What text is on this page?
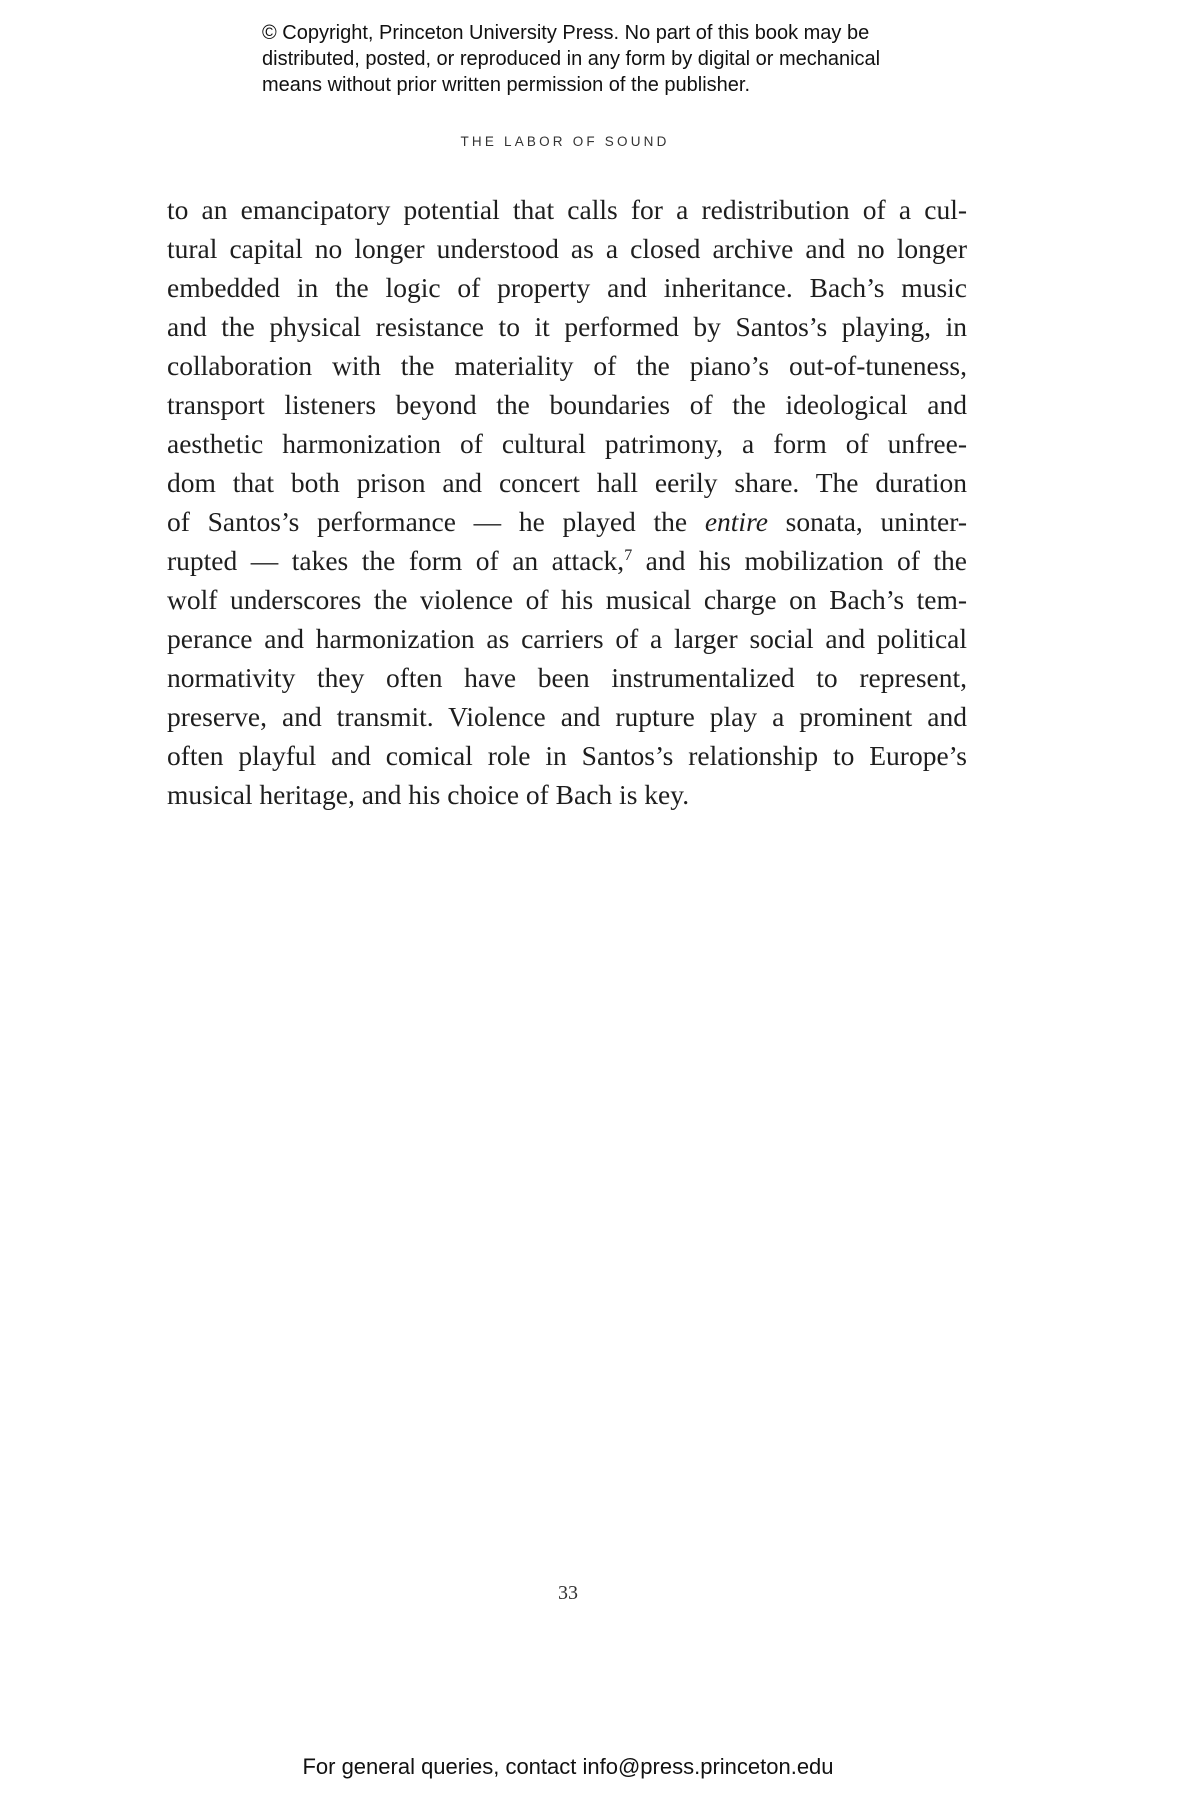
© Copyright, Princeton University Press. No part of this book may be
distributed, posted, or reproduced in any form by digital or mechanical
means without prior written permission of the publisher.
THE LABOR OF SOUND
to an emancipatory potential that calls for a redistribution of a cul-
tural capital no longer understood as a closed archive and no longer
embedded in the logic of property and inheritance. Bach’s music
and the physical resistance to it performed by Santos’s playing, in
collaboration with the materiality of the piano’s out-of-tuneness,
transport listeners beyond the boundaries of the ideological and
aesthetic harmonization of cultural patrimony, a form of unfree-
dom that both prison and concert hall eerily share. The duration
of Santos’s performance — he played the entire sonata, uninter-
rupted — takes the form of an attack,$^7$ and his mobilization of the
wolf underscores the violence of his musical charge on Bach’s tem-
perance and harmonization as carriers of a larger social and political
normativity they often have been instrumentalized to represent,
preserve, and transmit. Violence and rupture play a prominent and
often playful and comical role in Santos’s relationship to Europe’s
musical heritage, and his choice of Bach is key.
33
For general queries, contact info@press.princeton.edu
